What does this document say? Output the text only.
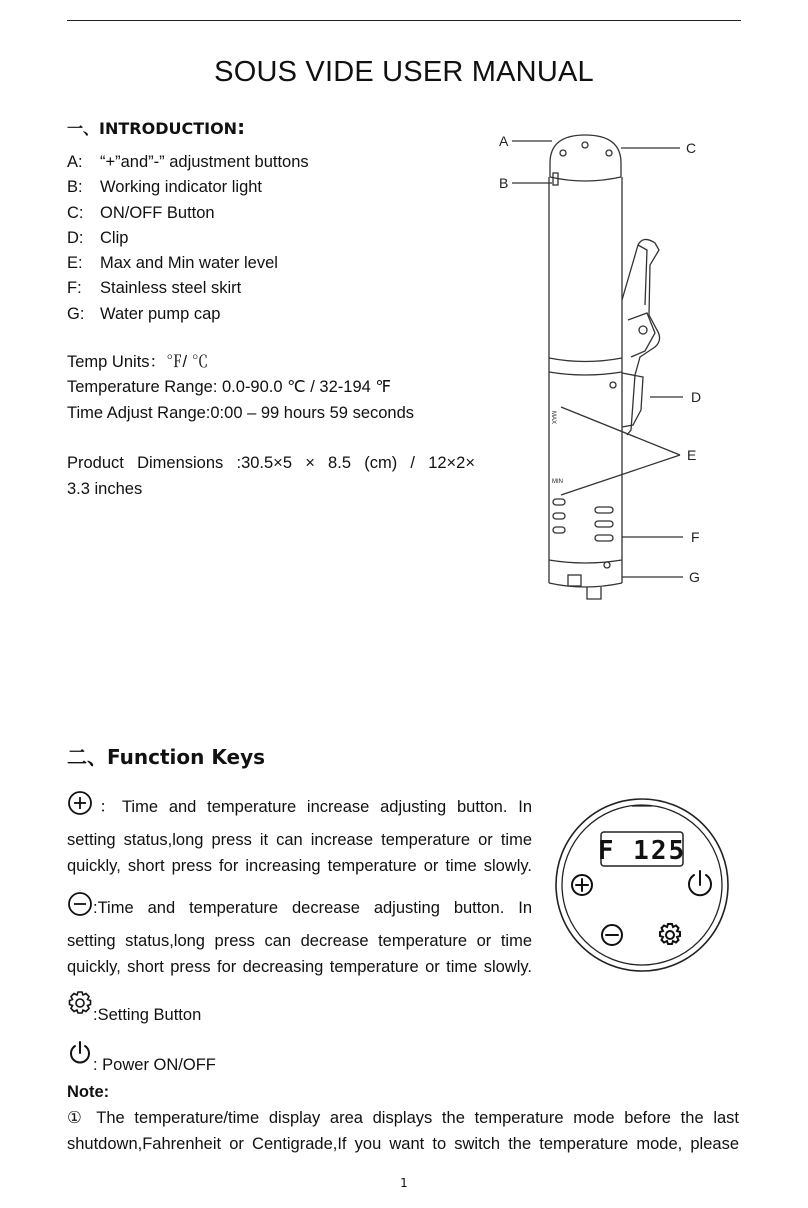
SOUS VIDE USER MANUAL
一、INTRODUCTION:
A: “+”and”-” adjustment buttons
B: Working indicator light
C: ON/OFF Button
D: Clip
E: Max and Min water level
F: Stainless steel skirt
G: Water pump cap
Temp Units：℉/ ℃
Temperature Range: 0.0-90.0 ℃ / 32-194 ℉
Time Adjust Range:0:00 – 99 hours 59 seconds
Product Dimensions :30.5×5 × 8.5 (cm) / 12×2×
3.3 inches
A
B
C
D
E
F
G
MAX
MIN
二、Function Keys
：Time and temperature increase adjusting button. In
setting status,long press it can increase temperature or time
quickly, short press for increasing temperature or time slowly.
:Time and temperature decrease adjusting button. In
setting status,long press can decrease temperature or time
quickly, short press for decreasing temperature or time slowly.
:Setting Button
: Power ON/OFF
F 125
Note:
① The temperature/time display area displays the temperature mode before the last
shutdown,Fahrenheit or Centigrade,If you want to switch the temperature mode, please
1
